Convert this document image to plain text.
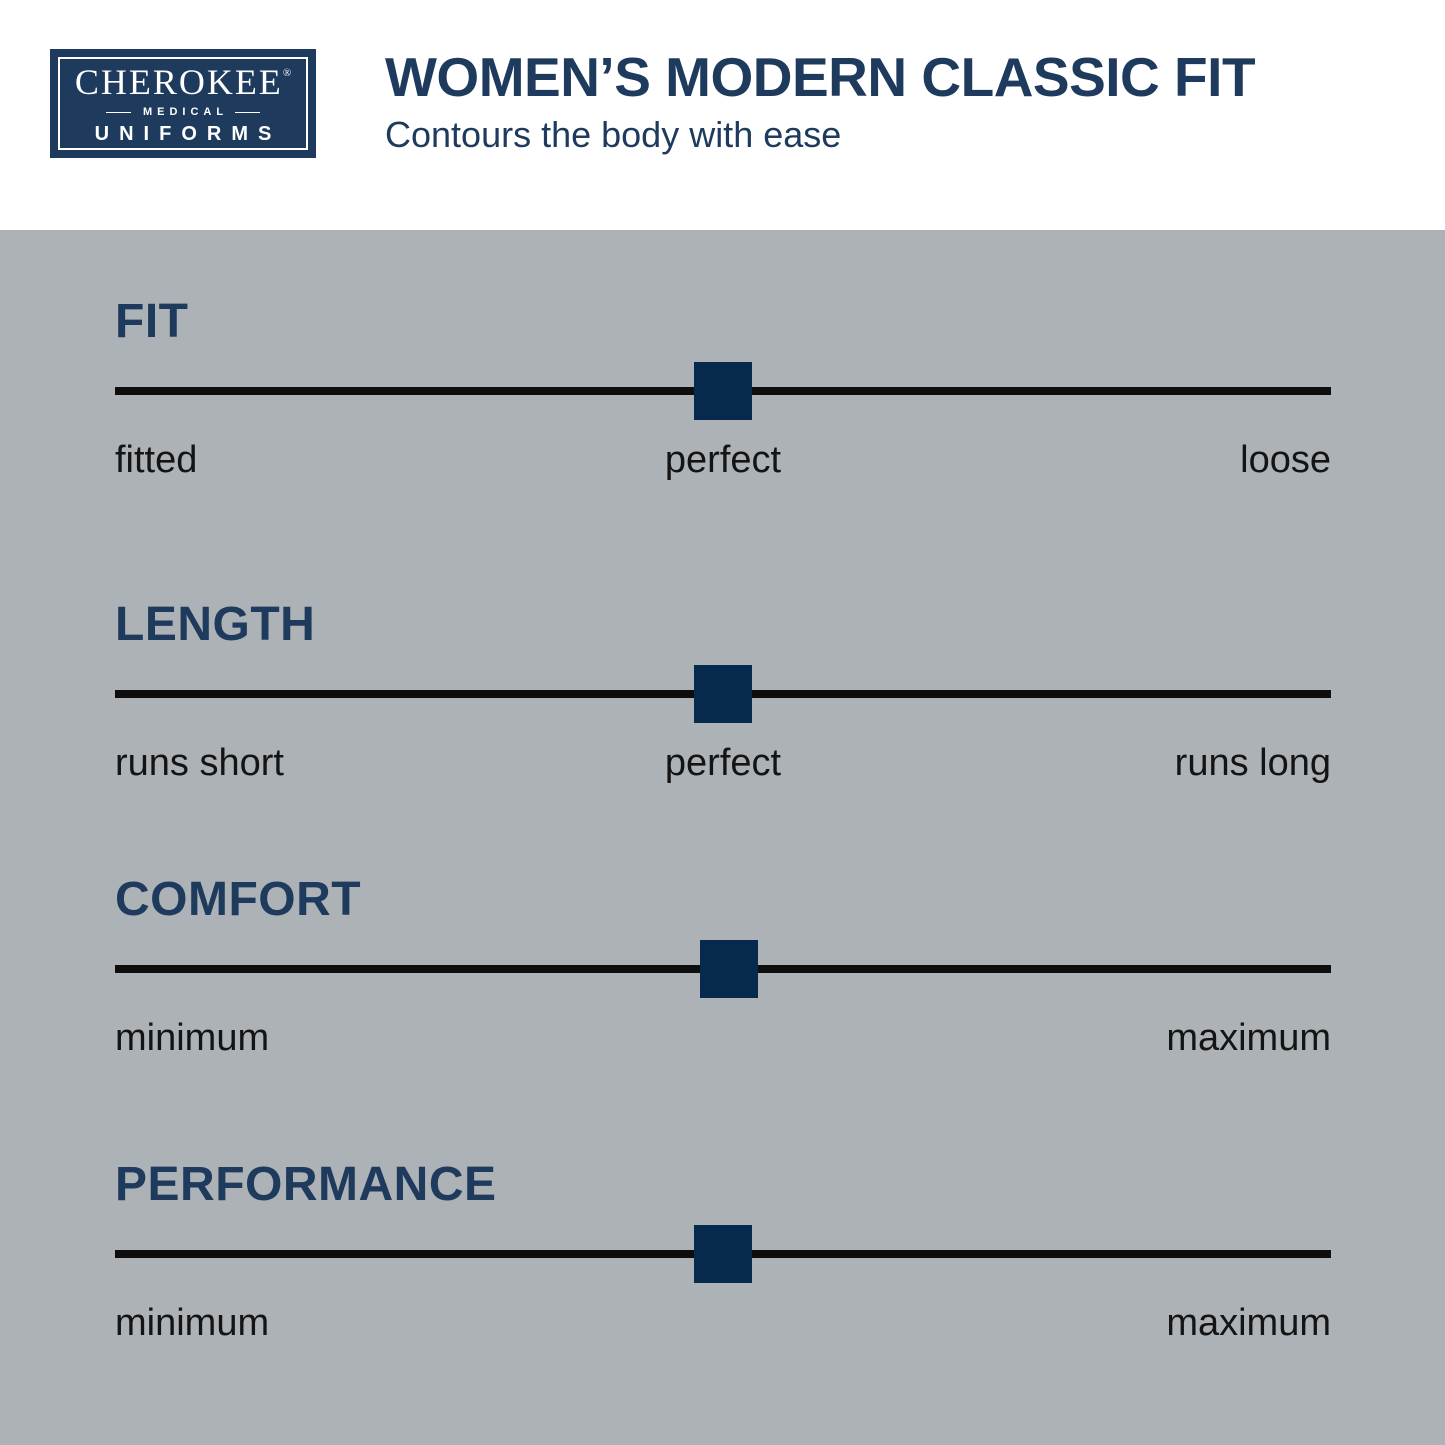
CHEROKEE®
MEDICAL
UNIFORMS
WOMEN’S MODERN CLASSIC FIT

Contours the body with ease

FIT
fitted	perfect	loose
LENGTH
runs short	perfect	runs long
COMFORT
minimum	maximum
PERFORMANCE
minimum	maximum
